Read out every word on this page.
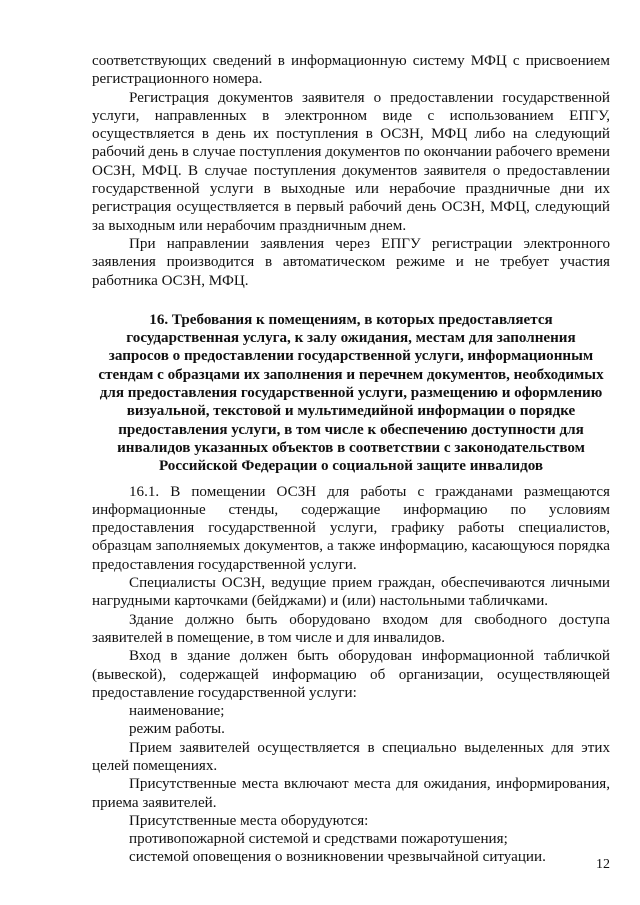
соответствующих сведений в информационную систему МФЦ с присвоением регистрационного номера.

Регистрация документов заявителя о предоставлении государственной услуги, направленных в электронном виде с использованием ЕПГУ, осуществляется в день их поступления в ОСЗН, МФЦ либо на следующий рабочий день в случае поступления документов по окончании рабочего времени ОСЗН, МФЦ. В случае поступления документов заявителя о предоставлении государственной услуги в выходные или нерабочие праздничные дни их регистрация осуществляется в первый рабочий день ОСЗН, МФЦ, следующий за выходным или нерабочим праздничным днем.

При направлении заявления через ЕПГУ регистрации электронного заявления производится в автоматическом режиме и не требует участия работника ОСЗН, МФЦ.

16. Требования к помещениям, в которых предоставляется государственная услуга, к залу ожидания, местам для заполнения запросов о предоставлении государственной услуги, информационным стендам с образцами их заполнения и перечнем документов, необходимых для предоставления государственной услуги, размещению и оформлению визуальной, текстовой и мультимедийной информации о порядке предоставления услуги, в том числе к обеспечению доступности для инвалидов указанных объектов в соответствии с законодательством Российской Федерации о социальной защите инвалидов

16.1. В помещении ОСЗН для работы с гражданами размещаются информационные стенды, содержащие информацию по условиям предоставления государственной услуги, графику работы специалистов, образцам заполняемых документов, а также информацию, касающуюся порядка предоставления государственной услуги.

Специалисты ОСЗН, ведущие прием граждан, обеспечиваются личными нагрудными карточками (бейджами) и (или) настольными табличками.

Здание должно быть оборудовано входом для свободного доступа заявителей в помещение, в том числе и для инвалидов.

Вход в здание должен быть оборудован информационной табличкой (вывеской), содержащей информацию об организации, осуществляющей предоставление государственной услуги:

наименование;

режим работы.

Прием заявителей осуществляется в специально выделенных для этих целей помещениях.

Присутственные места включают места для ожидания, информирования, приема заявителей.

Присутственные места оборудуются:

противопожарной системой и средствами пожаротушения;

системой оповещения о возникновении чрезвычайной ситуации.	12
